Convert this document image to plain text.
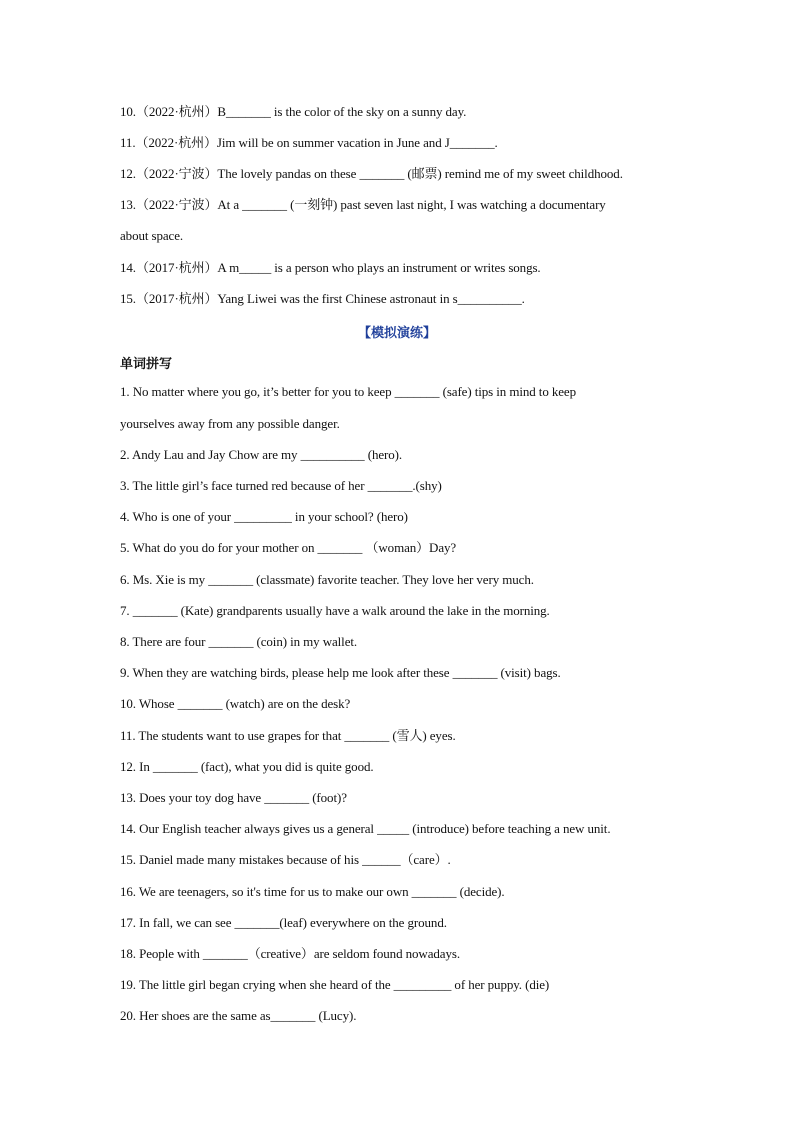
10.（2022·杭州）B_______ is the color of the sky on a sunny day.
11.（2022·杭州）Jim will be on summer vacation in June and J_______.
12.（2022·宁波）The lovely pandas on these _______ (邮票) remind me of my sweet childhood.
13.（2022·宁波）At a _______ (一刻钟) past seven last night, I was watching a documentary
about space.
14.（2017·杭州）A m_____ is a person who plays an instrument or writes songs.
15.（2017·杭州）Yang Liwei was the first Chinese astronaut in s__________.
【模拟演练】
单词拼写
1. No matter where you go, it’s better for you to keep _______ (safe) tips in mind to keep
yourselves away from any possible danger.
2. Andy Lau and Jay Chow are my __________ (hero).
3. The little girl’s face turned red because of her _______.(shy)
4. Who is one of your _________ in your school? (hero)
5. What do you do for your mother on _______ （woman）Day?
6. Ms. Xie is my _______ (classmate) favorite teacher. They love her very much.
7. _______ (Kate) grandparents usually have a walk around the lake in the morning.
8. There are four _______ (coin) in my wallet.
9. When they are watching birds, please help me look after these _______ (visit) bags.
10. Whose _______ (watch) are on the desk?
11. The students want to use grapes for that _______ (雪人) eyes.
12. In _______ (fact), what you did is quite good.
13. Does your toy dog have _______ (foot)?
14. Our English teacher always gives us a general _____ (introduce) before teaching a new unit.
15. Daniel made many mistakes because of his ______（care）.
16. We are teenagers, so it's time for us to make our own _______ (decide).
17. In fall, we can see _______(leaf) everywhere on the ground.
18. People with _______（creative）are seldom found nowadays.
19. The little girl began crying when she heard of the _________ of her puppy. (die)
20. Her shoes are the same as_______ (Lucy).
